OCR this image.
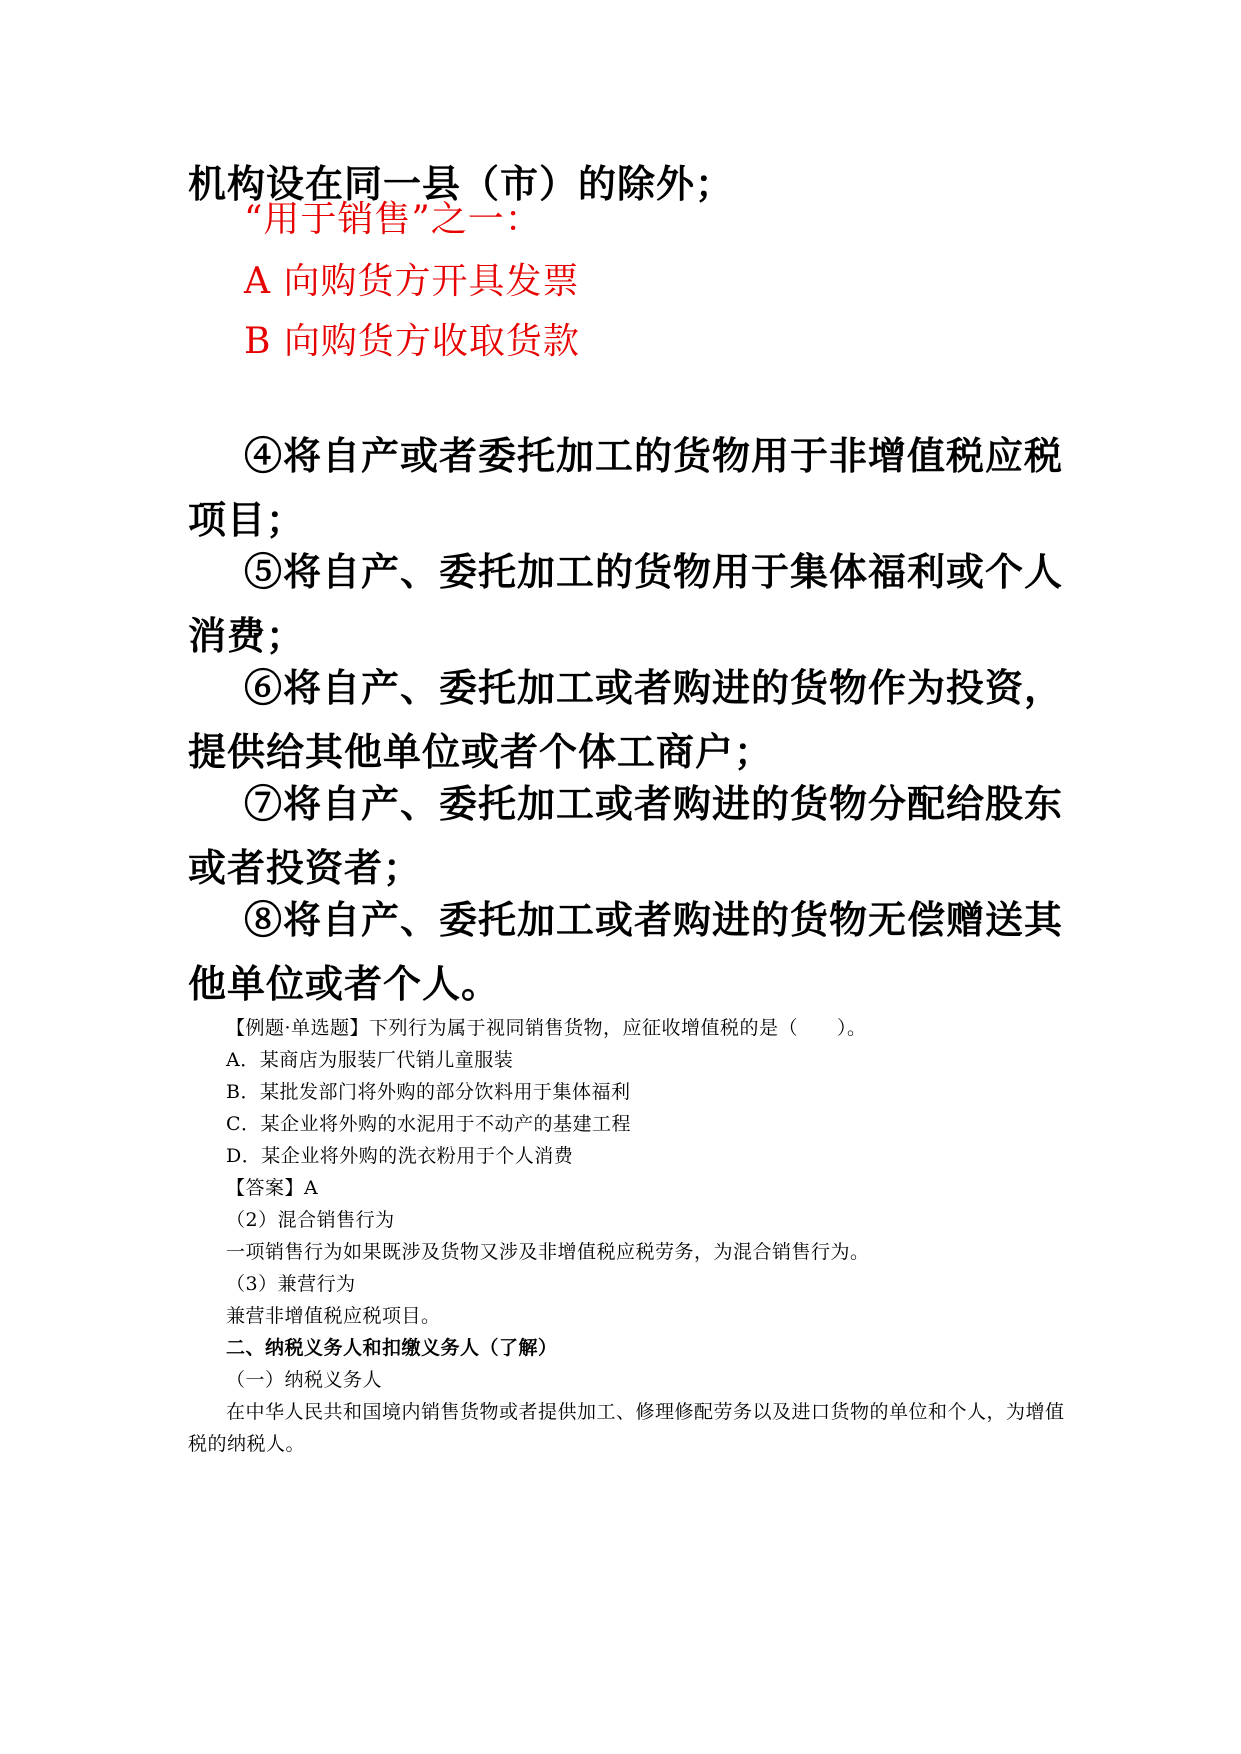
机构设在同一县（市）的除外；

“用于销售”之一：

A 向购货方开具发票

B 向购货方收取货款

④将自产或者委托加工的货物用于非增值税应税项目；

⑤将自产、委托加工的货物用于集体福利或个人消费；

⑥将自产、委托加工或者购进的货物作为投资，提供给其他单位或者个体工商户；

⑦将自产、委托加工或者购进的货物分配给股东或者投资者；

⑧将自产、委托加工或者购进的货物无偿赠送其他单位或者个人。

【例题·单选题】下列行为属于视同销售货物，应征收增值税的是（　　）。

A．某商店为服装厂代销儿童服装

B．某批发部门将外购的部分饮料用于集体福利

C．某企业将外购的水泥用于不动产的基建工程

D．某企业将外购的洗衣粉用于个人消费

【答案】A

（2）混合销售行为

一项销售行为如果既涉及货物又涉及非增值税应税劳务，为混合销售行为。

（3）兼营行为

兼营非增值税应税项目。

二、纳税义务人和扣缴义务人（了解）

（一）纳税义务人

在中华人民共和国境内销售货物或者提供加工、修理修配劳务以及进口货物的单位和个人，为增值税的纳税人。
